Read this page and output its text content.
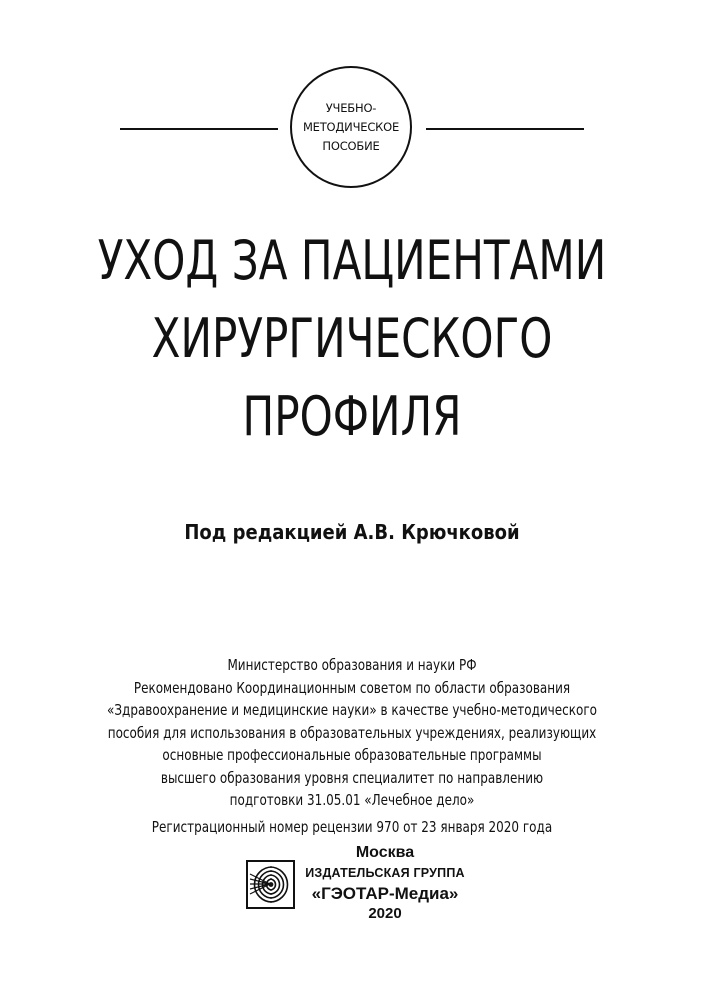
УЧЕБНО-
МЕТОДИЧЕСКОЕ
ПОСОБИЕ
УХОД ЗА ПАЦИЕНТАМИ
ХИРУРГИЧЕСКОГО
ПРОФИЛЯ
Под редакцией А.В. Крючковой
Министерство образования и науки РФ
Рекомендовано Координационным советом по области образования
«Здравоохранение и медицинские науки» в качестве учебно-методического
пособия для использования в образовательных учреждениях, реализующих
основные профессиональные образовательные программы
высшего образования уровня специалитет по направлению
подготовки 31.05.01 «Лечебное дело»
Регистрационный номер рецензии 970 от 23 января 2020 года
Москва
ИЗДАТЕЛЬСКАЯ ГРУППА
«ГЭОТАР-Медиа»
2020
